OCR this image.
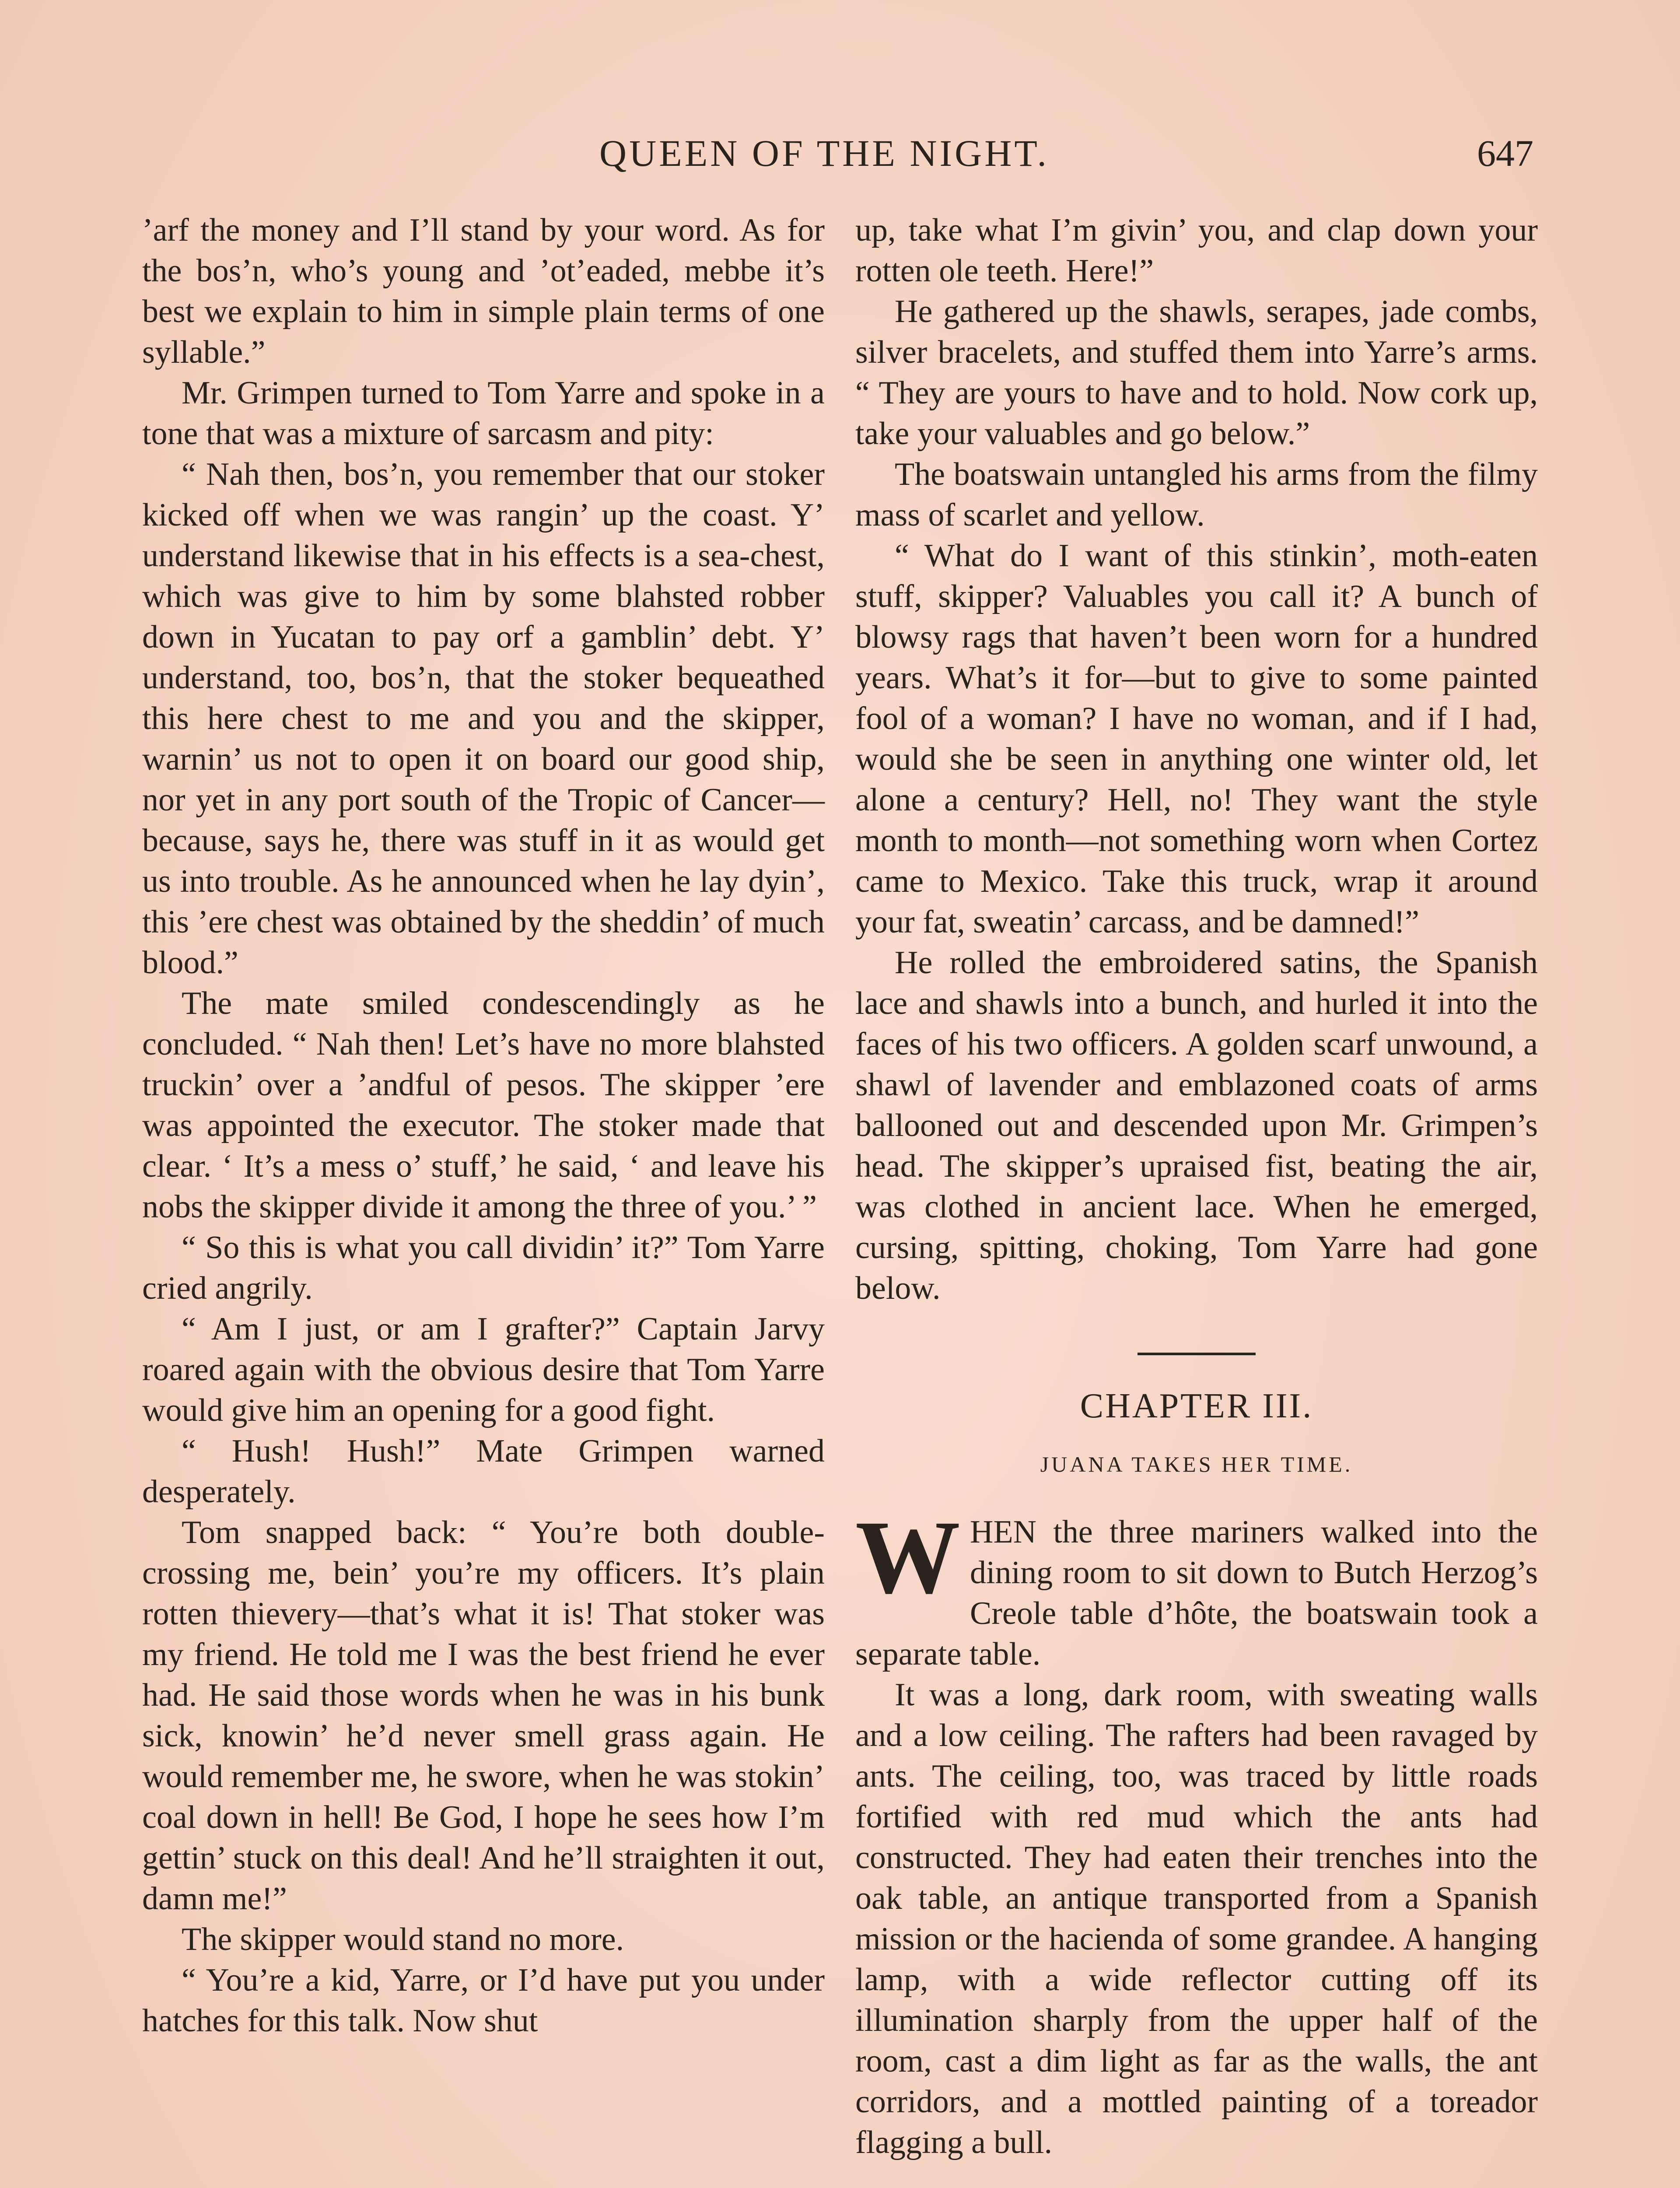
QUEEN OF THE NIGHT.	647

’arf the money and I’ll stand by your word. As for the bos’n, who’s young and ’ot’eaded, mebbe it’s best we explain to him in simple plain terms of one syllable.”

Mr. Grimpen turned to Tom Yarre and spoke in a tone that was a mixture of sarcasm and pity:

“ Nah then, bos’n, you remember that our stoker kicked off when we was rangin’ up the coast. Y’ understand likewise that in his effects is a sea-chest, which was give to him by some blahsted robber down in Yucatan to pay orf a gamblin’ debt. Y’ understand, too, bos’n, that the stoker bequeathed this here chest to me and you and the skipper, warnin’ us not to open it on board our good ship, nor yet in any port south of the Tropic of Cancer—because, says he, there was stuff in it as would get us into trouble. As he announced when he lay dyin’, this ’ere chest was obtained by the sheddin’ of much blood.”

The mate smiled condescendingly as he concluded. “ Nah then! Let’s have no more blahsted truckin’ over a ’andful of pesos. The skipper ’ere was appointed the executor. The stoker made that clear. ‘ It’s a mess o’ stuff,’ he said, ‘ and leave his nobs the skipper divide it among the three of you.’ ”

“ So this is what you call dividin’ it?” Tom Yarre cried angrily.

“ Am I just, or am I grafter?” Captain Jarvy roared again with the obvious desire that Tom Yarre would give him an opening for a good fight.

“ Hush! Hush!” Mate Grimpen warned desperately.

Tom snapped back: “ You’re both double-crossing me, bein’ you’re my officers. It’s plain rotten thievery—that’s what it is! That stoker was my friend. He told me I was the best friend he ever had. He said those words when he was in his bunk sick, knowin’ he’d never smell grass again. He would remember me, he swore, when he was stokin’ coal down in hell! Be God, I hope he sees how I’m gettin’ stuck on this deal! And he’ll straighten it out, damn me!”

The skipper would stand no more.

“ You’re a kid, Yarre, or I’d have put you under hatches for this talk. Now shut

up, take what I’m givin’ you, and clap down your rotten ole teeth. Here!”

He gathered up the shawls, serapes, jade combs, silver bracelets, and stuffed them into Yarre’s arms. “ They are yours to have and to hold. Now cork up, take your valuables and go below.”

The boatswain untangled his arms from the filmy mass of scarlet and yellow.

“ What do I want of this stinkin’, moth-eaten stuff, skipper? Valuables you call it? A bunch of blowsy rags that haven’t been worn for a hundred years. What’s it for—but to give to some painted fool of a woman? I have no woman, and if I had, would she be seen in anything one winter old, let alone a century? Hell, no! They want the style month to month—not something worn when Cortez came to Mexico. Take this truck, wrap it around your fat, sweatin’ carcass, and be damned!”

He rolled the embroidered satins, the Spanish lace and shawls into a bunch, and hurled it into the faces of his two officers. A golden scarf unwound, a shawl of lavender and emblazoned coats of arms ballooned out and descended upon Mr. Grimpen’s head. The skipper’s upraised fist, beating the air, was clothed in ancient lace. When he emerged, cursing, spitting, choking, Tom Yarre had gone below.

CHAPTER III.
JUANA TAKES HER TIME.

WHEN the three mariners walked into the dining room to sit down to Butch Herzog’s Creole table d’hôte, the boatswain took a separate table.

It was a long, dark room, with sweating walls and a low ceiling. The rafters had been ravaged by ants. The ceiling, too, was traced by little roads fortified with red mud which the ants had constructed. They had eaten their trenches into the oak table, an antique transported from a Spanish mission or the hacienda of some grandee. A hanging lamp, with a wide reflector cutting off its illumination sharply from the upper half of the room, cast a dim light as far as the walls, the ant corridors, and a mottled painting of a toreador flagging a bull.
